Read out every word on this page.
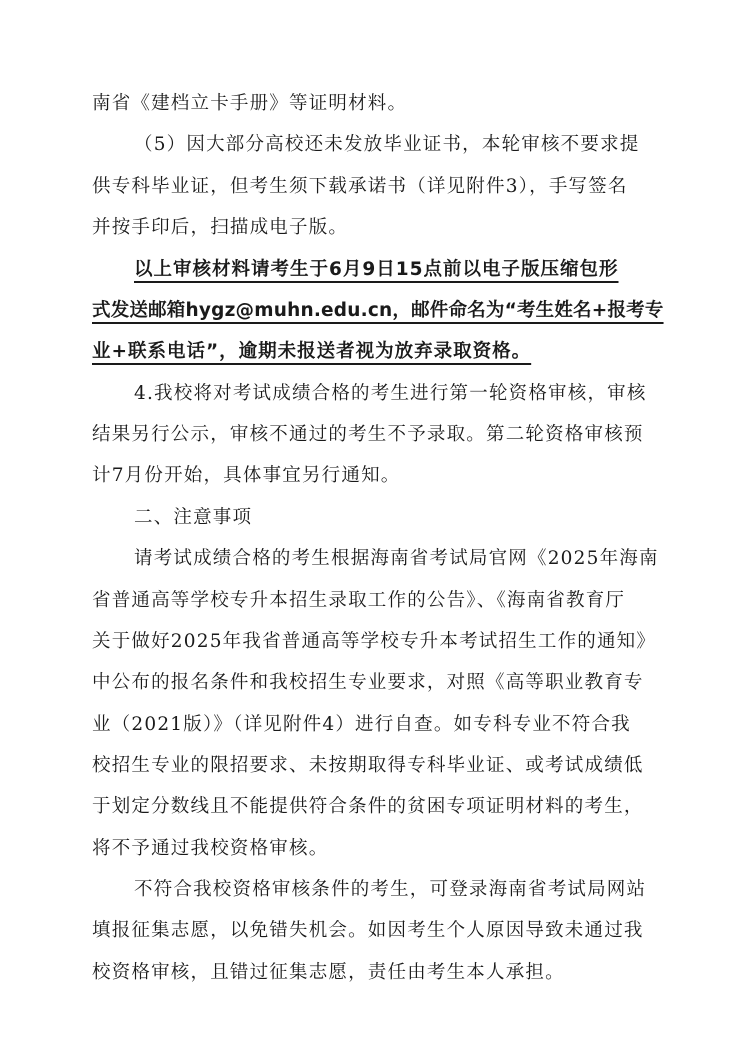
南省《建档立卡手册》等证明材料。
（5）因大部分高校还未发放毕业证书，本轮审核不要求提
供专科毕业证，但考生须下载承诺书（详见附件3），手写签名
并按手印后，扫描成电子版。
以上审核材料请考生于6月9日15点前以电子版压缩包形
式发送邮箱hygz@muhn.edu.cn，邮件命名为“考生姓名+报考专
业+联系电话”，逾期未报送者视为放弃录取资格。
4.我校将对考试成绩合格的考生进行第一轮资格审核，审核
结果另行公示，审核不通过的考生不予录取。第二轮资格审核预
计7月份开始，具体事宜另行通知。
二、注意事项
请考试成绩合格的考生根据海南省考试局官网《2025年海南
省普通高等学校专升本招生录取工作的公告》、《海南省教育厅
关于做好2025年我省普通高等学校专升本考试招生工作的通知》
中公布的报名条件和我校招生专业要求，对照《高等职业教育专
业（2021版）》（详见附件4）进行自查。如专科专业不符合我
校招生专业的限招要求、未按期取得专科毕业证、或考试成绩低
于划定分数线且不能提供符合条件的贫困专项证明材料的考生，
将不予通过我校资格审核。
不符合我校资格审核条件的考生，可登录海南省考试局网站
填报征集志愿，以免错失机会。如因考生个人原因导致未通过我
校资格审核，且错过征集志愿，责任由考生本人承担。
